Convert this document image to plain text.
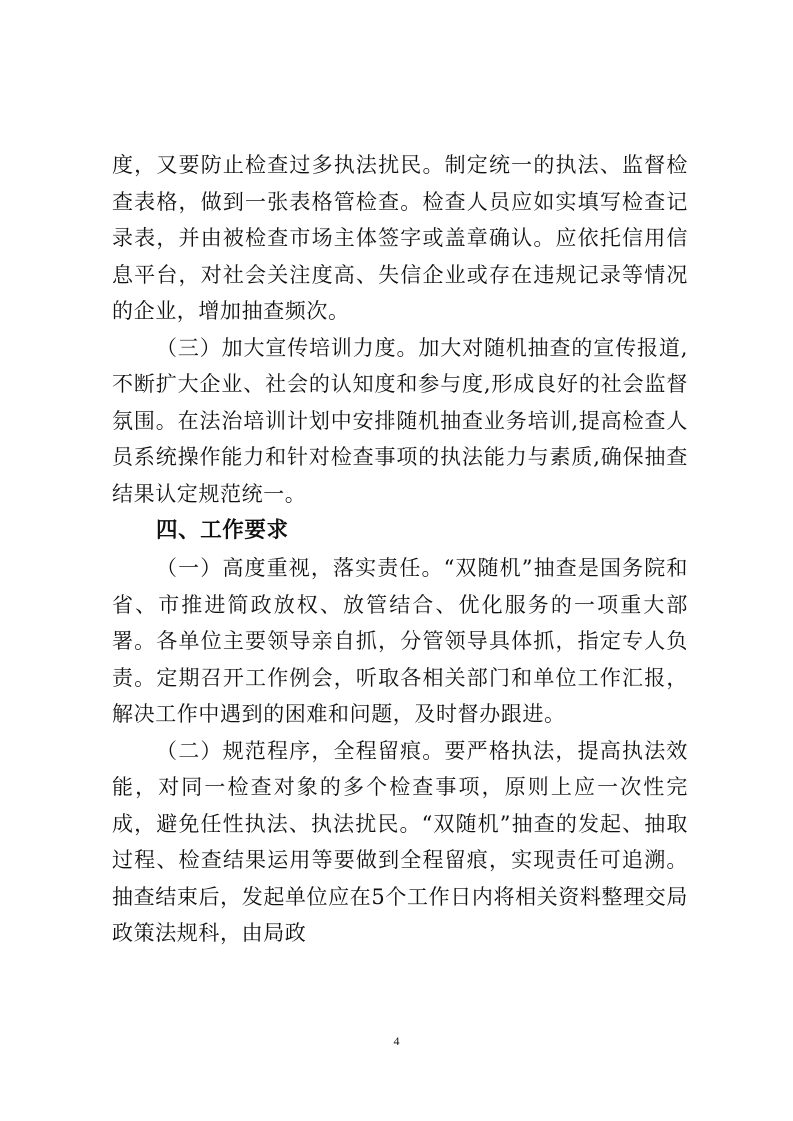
度，又要防止检查过多执法扰民。制定统一的执法、监督检查表格，做到一张表格管检查。检查人员应如实填写检查记录表，并由被检查市场主体签字或盖章确认。应依托信用信息平台，对社会关注度高、失信企业或存在违规记录等情况的企业，增加抽查频次。

（三）加大宣传培训力度。加大对随机抽查的宣传报道,不断扩大企业、社会的认知度和参与度,形成良好的社会监督氛围。在法治培训计划中安排随机抽查业务培训,提高检查人员系统操作能力和针对检查事项的执法能力与素质,确保抽查结果认定规范统一。

四、工作要求

（一）高度重视，落实责任。“双随机”抽查是国务院和省、市推进简政放权、放管结合、优化服务的一项重大部署。各单位主要领导亲自抓，分管领导具体抓，指定专人负责。定期召开工作例会，听取各相关部门和单位工作汇报，解决工作中遇到的困难和问题，及时督办跟进。

（二）规范程序，全程留痕。要严格执法，提高执法效能，对同一检查对象的多个检查事项，原则上应一次性完成，避免任性执法、执法扰民。“双随机”抽查的发起、抽取过程、检查结果运用等要做到全程留痕，实现责任可追溯。抽查结束后，发起单位应在5个工作日内将相关资料整理交局政策法规科，由局政

4
